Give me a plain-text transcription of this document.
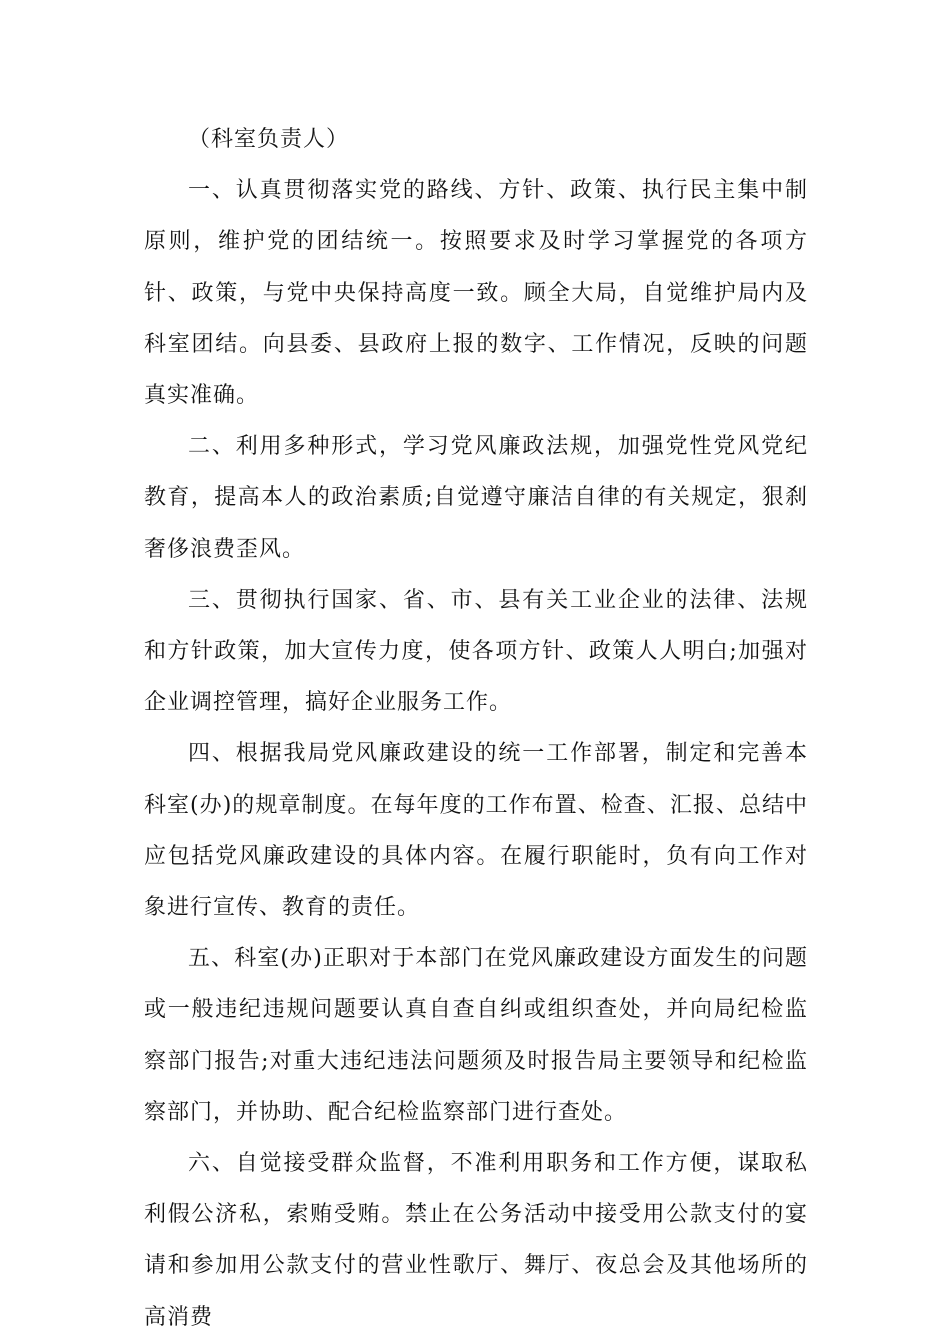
（科室负责人）

一、认真贯彻落实党的路线、方针、政策、执行民主集中制原则，维护党的团结统一。按照要求及时学习掌握党的各项方针、政策，与党中央保持高度一致。顾全大局，自觉维护局内及科室团结。向县委、县政府上报的数字、工作情况，反映的问题真实准确。

二、利用多种形式，学习党风廉政法规，加强党性党风党纪教育，提高本人的政治素质;自觉遵守廉洁自律的有关规定，狠刹奢侈浪费歪风。

三、贯彻执行国家、省、市、县有关工业企业的法律、法规和方针政策，加大宣传力度，使各项方针、政策人人明白;加强对企业调控管理，搞好企业服务工作。

四、根据我局党风廉政建设的统一工作部署，制定和完善本科室(办)的规章制度。在每年度的工作布置、检查、汇报、总结中应包括党风廉政建设的具体内容。在履行职能时，负有向工作对象进行宣传、教育的责任。

五、科室(办)正职对于本部门在党风廉政建设方面发生的问题或一般违纪违规问题要认真自查自纠或组织查处，并向局纪检监察部门报告;对重大违纪违法问题须及时报告局主要领导和纪检监察部门，并协助、配合纪检监察部门进行查处。

六、自觉接受群众监督，不准利用职务和工作方便，谋取私利假公济私，索贿受贿。禁止在公务活动中接受用公款支付的宴请和参加用公款支付的营业性歌厅、舞厅、夜总会及其他场所的高消费
